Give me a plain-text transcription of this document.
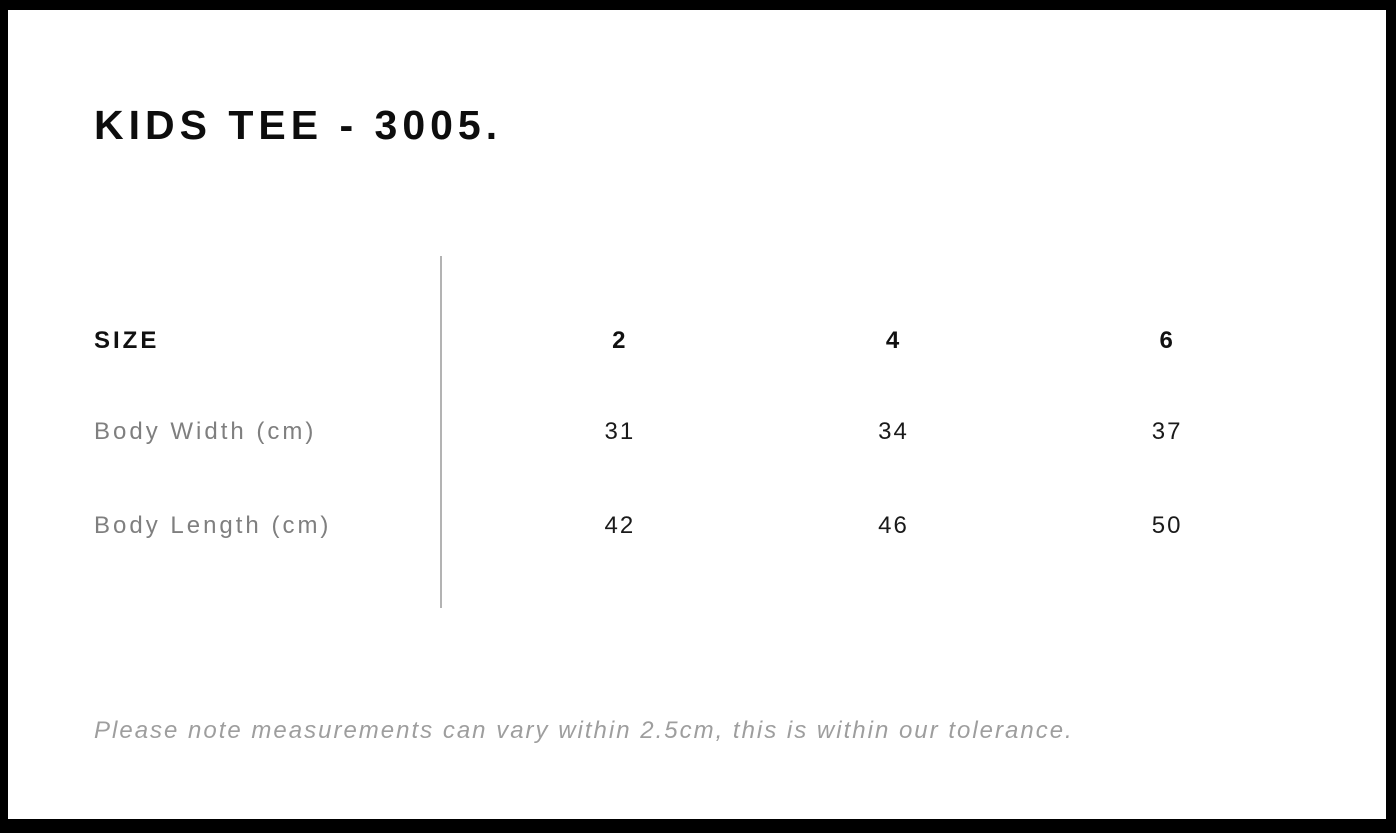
KIDS TEE - 3005.
SIZE	2	4	6
Body Width (cm)	31	34	37
Body Length (cm)	42	46	50

Please note measurements can vary within 2.5cm, this is within our tolerance.
